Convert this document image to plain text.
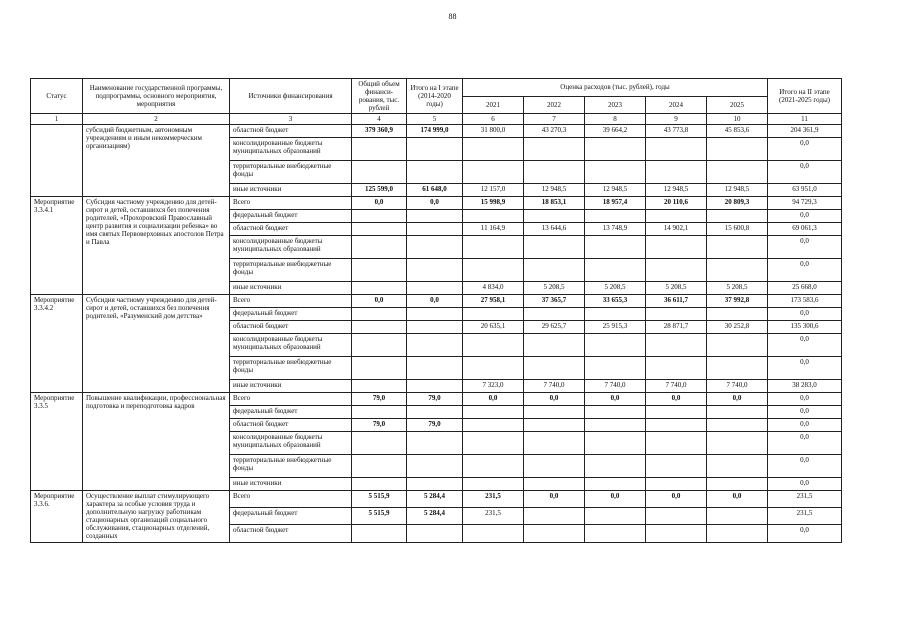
88
Статус	Наименование государственной программы, подпрограммы, основного мероприятия, мероприятия	Источники финансирования	Общий объем финанси-рования, тыс. рублей	Итого на I этапе (2014-2020 годы)	Оценка расходов (тыс. рублей), годы					Итого на II этапе (2021-2025 годы)
					2021	2022	2023	2024	2025	
1	2	3	4	5	6	7	8	9	10	11
	субсидий бюджетным, автономным учреждениям и иным некоммерческим организациям)	областной бюджет	379 360,9	174 999,0	31 800,0	43 270,3	39 664,2	43 773,8	45 853,6	204 361,9
		консолидированные бюджеты муниципальных образований								0,0
		территориальные внебюджетные фонды								0,0
		иные источники	125 599,0	61 648,0	12 157,0	12 948,5	12 948,5	12 948,5	12 948,5	63 951,0
Мероприятие 3.3.4.1	Субсидия частному учреждению для детей-сирот и детей, оставшихся без попечения родителей, «Прохоровский Православный центр развития и социализации ребенка» во имя святых Первоверховных апостолов Петра и Павла	Всего	0,0	0,0	15 998,9	18 853,1	18 957,4	20 110,6	20 809,3	94 729,3
		федеральный бюджет								0,0
		областной бюджет			11 164,9	13 644,6	13 748,9	14 902,1	15 600,8	69 061,3
		консолидированные бюджеты муниципальных образований								0,0
		территориальные внебюджетные фонды								0,0
		иные источники			4 834,0	5 208,5	5 208,5	5 208,5	5 208,5	25 668,0
Мероприятие 3.3.4.2	Субсидия частному учреждению для детей-сирот и детей, оставшихся без попечения родителей, «Разуменский дом детства»	Всего	0,0	0,0	27 958,1	37 365,7	33 655,3	36 611,7	37 992,8	173 583,6
		федеральный бюджет								0,0
		областной бюджет			20 635,1	29 625,7	25 915,3	28 871,7	30 252,8	135 300,6
		консолидированные бюджеты муниципальных образований								0,0
		территориальные внебюджетные фонды								0,0
		иные источники			7 323,0	7 740,0	7 740,0	7 740,0	7 740,0	38 283,0
Мероприятие 3.3.5	Повышение квалификации, профессиональная подготовка и переподготовка кадров	Всего	79,0	79,0	0,0	0,0	0,0	0,0	0,0	0,0
		федеральный бюджет								0,0
		областной бюджет	79,0	79,0						0,0
		консолидированные бюджеты муниципальных образований								0,0
		территориальные внебюджетные фонды								0,0
		иные источники								0,0
Мероприятие 3.3.6.	Осуществление выплат стимулирующего характера за особые условия труда и дополнительную нагрузку работникам стационарных организаций социального обслуживания, стационарных отделений, созданных	Всего	5 515,9	5 284,4	231,5	0,0	0,0	0,0	0,0	231,5
		федеральный бюджет	5 515,9	5 284,4	231,5					231,5
		областной бюджет								0,0
